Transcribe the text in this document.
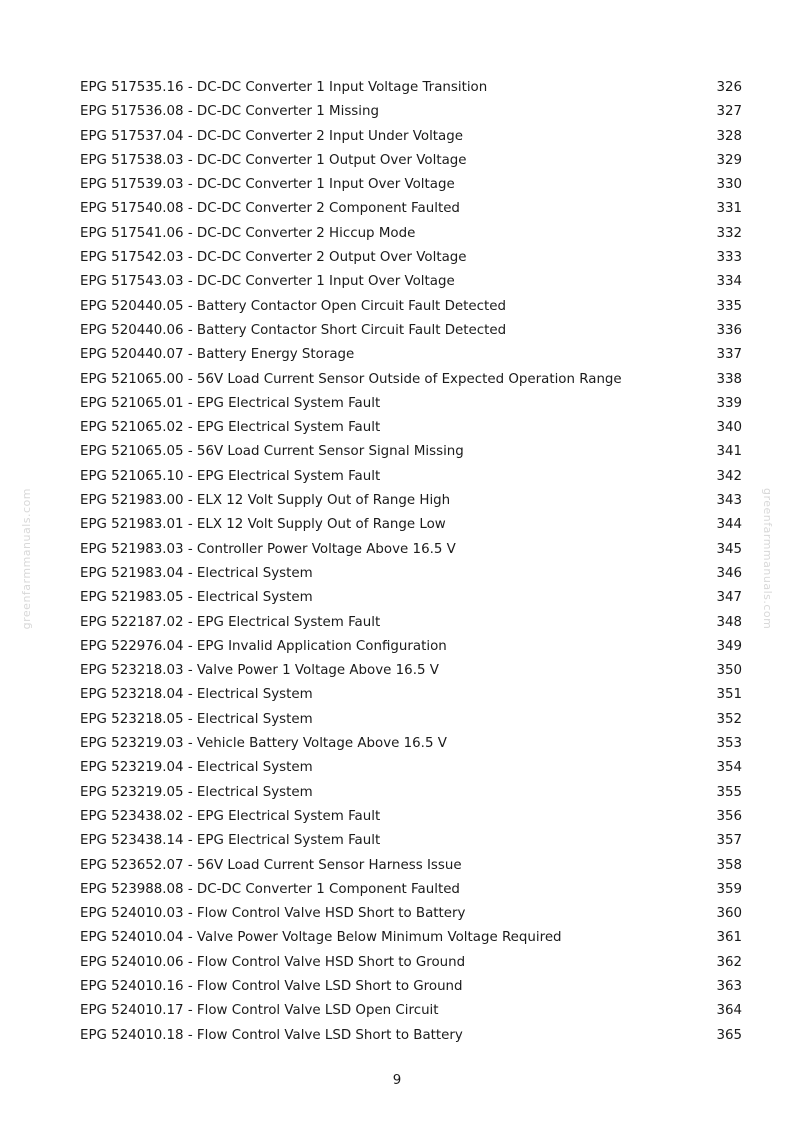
greenfarmmanuals.com	greenfarmmanuals.com
EPG 517535.16 - DC-DC Converter 1 Input Voltage Transition	326
EPG 517536.08 - DC-DC Converter 1 Missing	327
EPG 517537.04 - DC-DC Converter 2 Input Under Voltage	328
EPG 517538.03 - DC-DC Converter 1 Output Over Voltage	329
EPG 517539.03 - DC-DC Converter 1 Input Over Voltage	330
EPG 517540.08 - DC-DC Converter 2 Component Faulted	331
EPG 517541.06 - DC-DC Converter 2 Hiccup Mode	332
EPG 517542.03 - DC-DC Converter 2 Output Over Voltage	333
EPG 517543.03 - DC-DC Converter 1 Input Over Voltage	334
EPG 520440.05 - Battery Contactor Open Circuit Fault Detected	335
EPG 520440.06 - Battery Contactor Short Circuit Fault Detected	336
EPG 520440.07 - Battery Energy Storage	337
EPG 521065.00 - 56V Load Current Sensor Outside of Expected Operation Range	338
EPG 521065.01 - EPG Electrical System Fault	339
EPG 521065.02 - EPG Electrical System Fault	340
EPG 521065.05 - 56V Load Current Sensor Signal Missing	341
EPG 521065.10 - EPG Electrical System Fault	342
EPG 521983.00 - ELX 12 Volt Supply Out of Range High	343
EPG 521983.01 - ELX 12 Volt Supply Out of Range Low	344
EPG 521983.03 - Controller Power Voltage Above 16.5 V	345
EPG 521983.04 - Electrical System	346
EPG 521983.05 - Electrical System	347
EPG 522187.02 - EPG Electrical System Fault	348
EPG 522976.04 - EPG Invalid Application Configuration	349
EPG 523218.03 - Valve Power 1 Voltage Above 16.5 V	350
EPG 523218.04 - Electrical System	351
EPG 523218.05 - Electrical System	352
EPG 523219.03 - Vehicle Battery Voltage Above 16.5 V	353
EPG 523219.04 - Electrical System	354
EPG 523219.05 - Electrical System	355
EPG 523438.02 - EPG Electrical System Fault	356
EPG 523438.14 - EPG Electrical System Fault	357
EPG 523652.07 - 56V Load Current Sensor Harness Issue	358
EPG 523988.08 - DC-DC Converter 1 Component Faulted	359
EPG 524010.03 - Flow Control Valve HSD Short to Battery	360
EPG 524010.04 - Valve Power Voltage Below Minimum Voltage Required	361
EPG 524010.06 - Flow Control Valve HSD Short to Ground	362
EPG 524010.16 - Flow Control Valve LSD Short to Ground	363
EPG 524010.17 - Flow Control Valve LSD Open Circuit	364
EPG 524010.18 - Flow Control Valve LSD Short to Battery	365
9
